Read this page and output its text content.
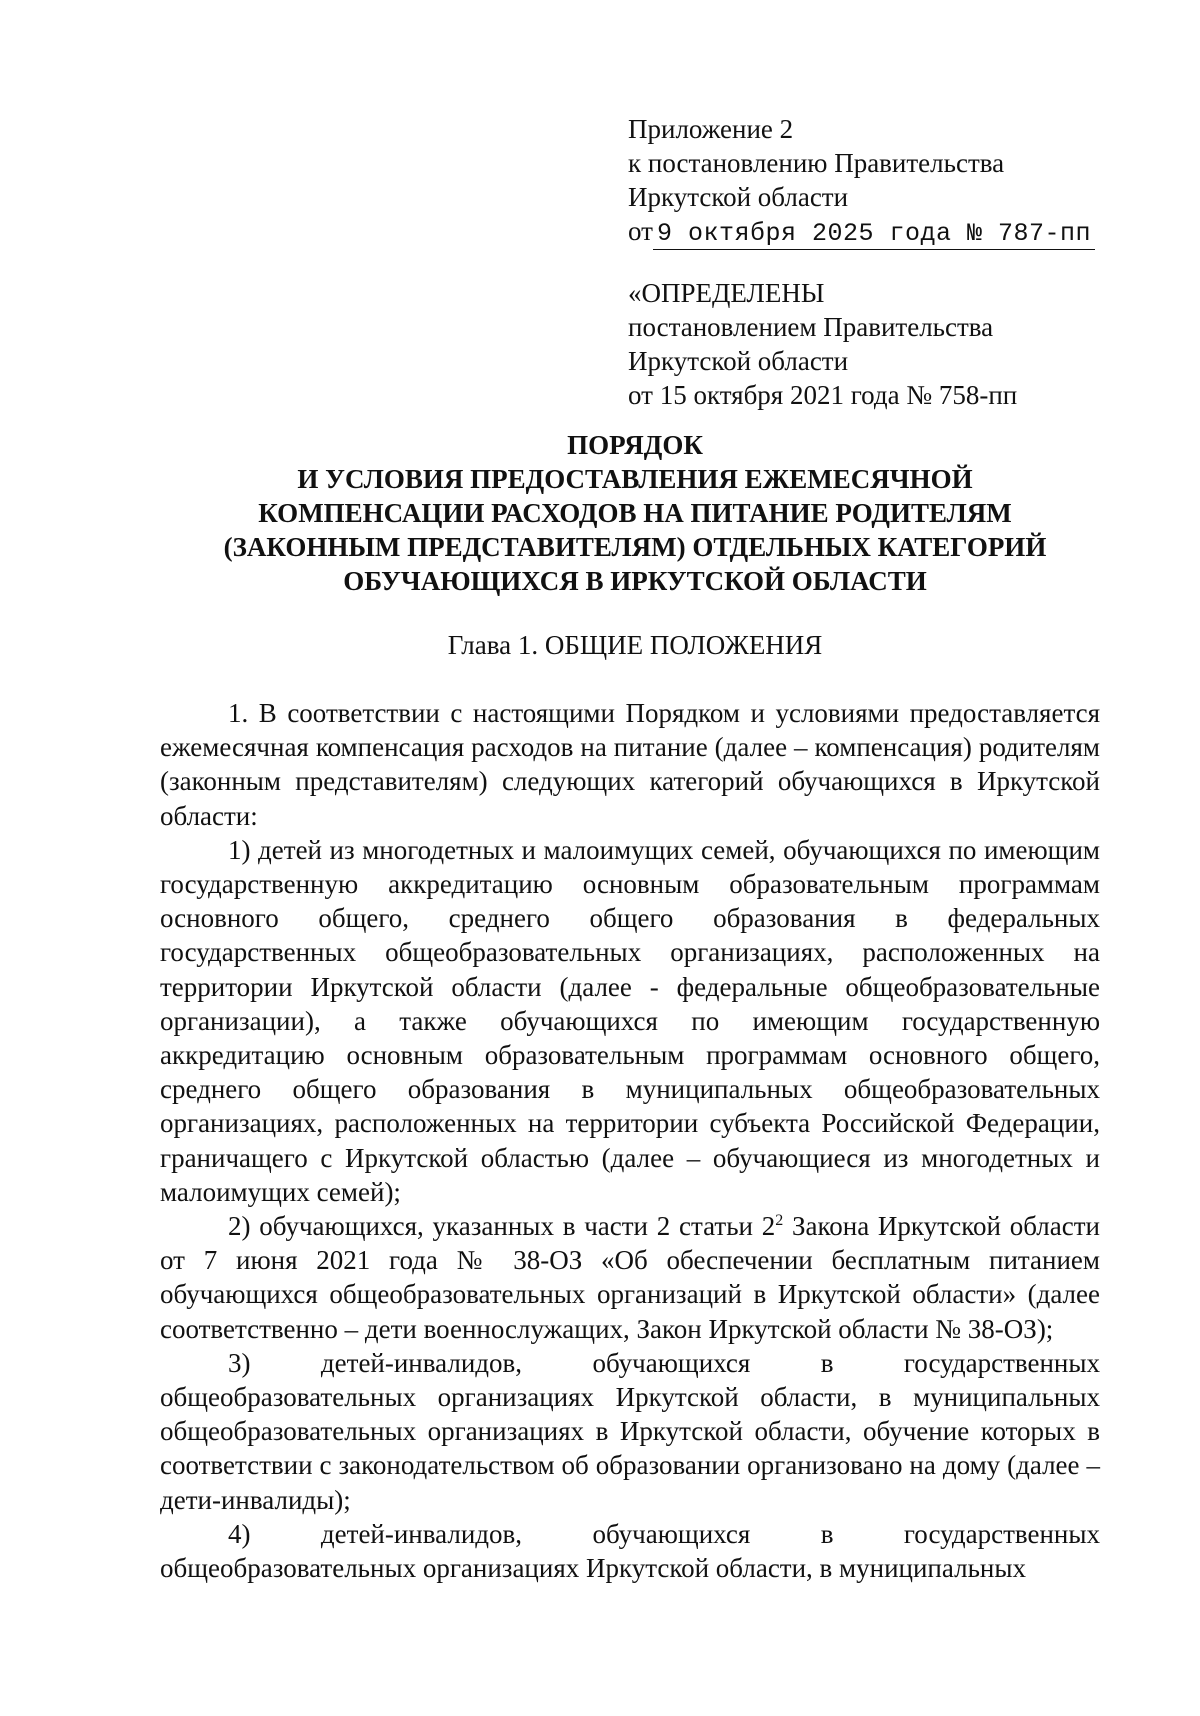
Приложение 2
к постановлению Правительства
Иркутской области
от 9 октября 2025 года № 787-пп
«ОПРЕДЕЛЕНЫ
постановлением Правительства
Иркутской области
от 15 октября 2021 года № 758-пп
ПОРЯДОК
И УСЛОВИЯ ПРЕДОСТАВЛЕНИЯ ЕЖЕМЕСЯЧНОЙ
КОМПЕНСАЦИИ РАСХОДОВ НА ПИТАНИЕ РОДИТЕЛЯМ
(ЗАКОННЫМ ПРЕДСТАВИТЕЛЯМ) ОТДЕЛЬНЫХ КАТЕГОРИЙ
ОБУЧАЮЩИХСЯ В ИРКУТСКОЙ ОБЛАСТИ
Глава 1. ОБЩИЕ ПОЛОЖЕНИЯ

1. В соответствии с настоящими Порядком и условиями предоставляется ежемесячная компенсация расходов на питание (далее – компенсация) родителям (законным представителям) следующих категорий обучающихся в Иркутской области:

1) детей из многодетных и малоимущих семей, обучающихся по имеющим государственную аккредитацию основным образовательным программам основного общего, среднего общего образования в федеральных государственных общеобразовательных организациях, расположенных на территории Иркутской области (далее - федеральные общеобразовательные организации), а также обучающихся по имеющим государственную аккредитацию основным образовательным программам основного общего, среднего общего образования в муниципальных общеобразовательных организациях, расположенных на территории субъекта Российской Федерации, граничащего с Иркутской областью (далее – обучающиеся из многодетных и малоимущих семей);

2) обучающихся, указанных в части 2 статьи $2^2$ Закона Иркутской области от 7 июня 2021 года № 38-ОЗ «Об обеспечении бесплатным питанием обучающихся общеобразовательных организаций в Иркутской области» (далее соответственно – дети военнослужащих, Закон Иркутской области № 38-ОЗ);

3) детей-инвалидов, обучающихся в государственных общеобразовательных организациях Иркутской области, в муниципальных общеобразовательных организациях в Иркутской области, обучение которых в соответствии с законодательством об образовании организовано на дому (далее – дети-инвалиды);

4) детей-инвалидов, обучающихся в государственных общеобразовательных организациях Иркутской области, в муниципальных
